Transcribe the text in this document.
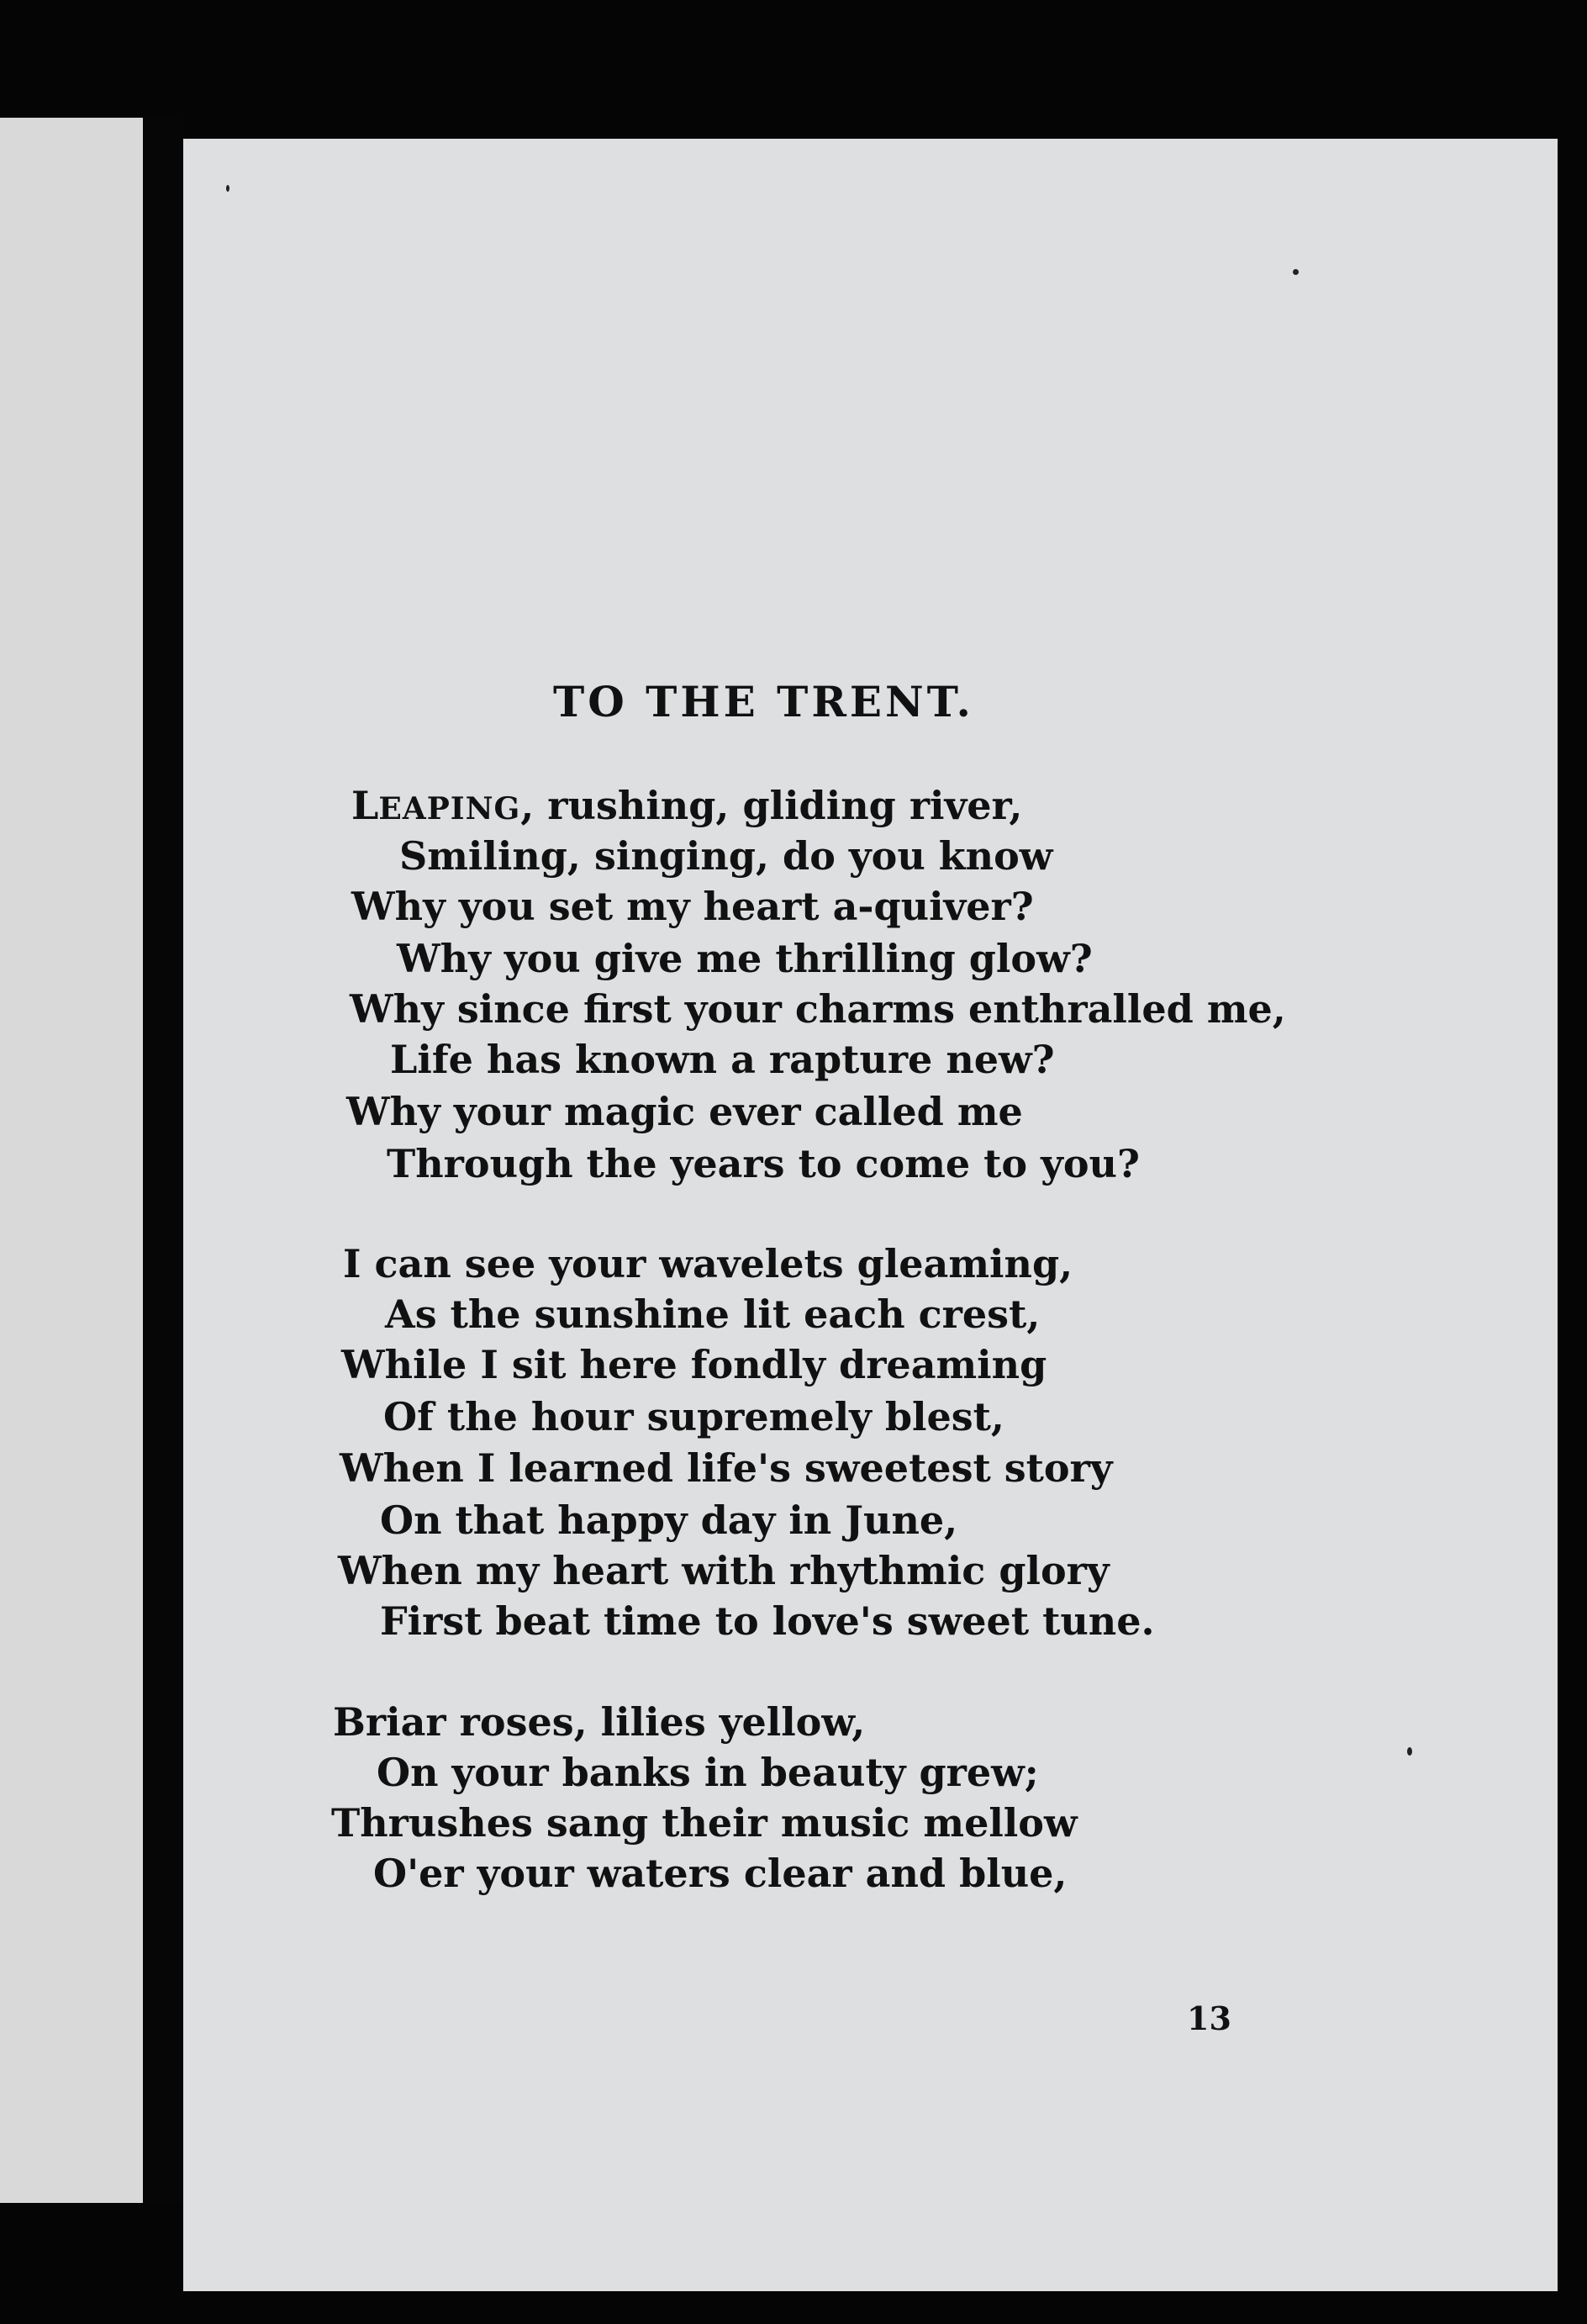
TO THE TRENT.
LEAPING, rushing, gliding river,
Smiling, singing, do you know
Why you set my heart a-quiver?
Why you give me thrilling glow?
Why since first your charms enthralled me,
Life has known a rapture new?
Why your magic ever called me
Through the years to come to you?
I can see your wavelets gleaming,
As the sunshine lit each crest,
While I sit here fondly dreaming
Of the hour supremely blest,
When I learned life's sweetest story
On that happy day in June,
When my heart with rhythmic glory
First beat time to love's sweet tune.
Briar roses, lilies yellow,
On your banks in beauty grew;
Thrushes sang their music mellow
O'er your waters clear and blue,
13
